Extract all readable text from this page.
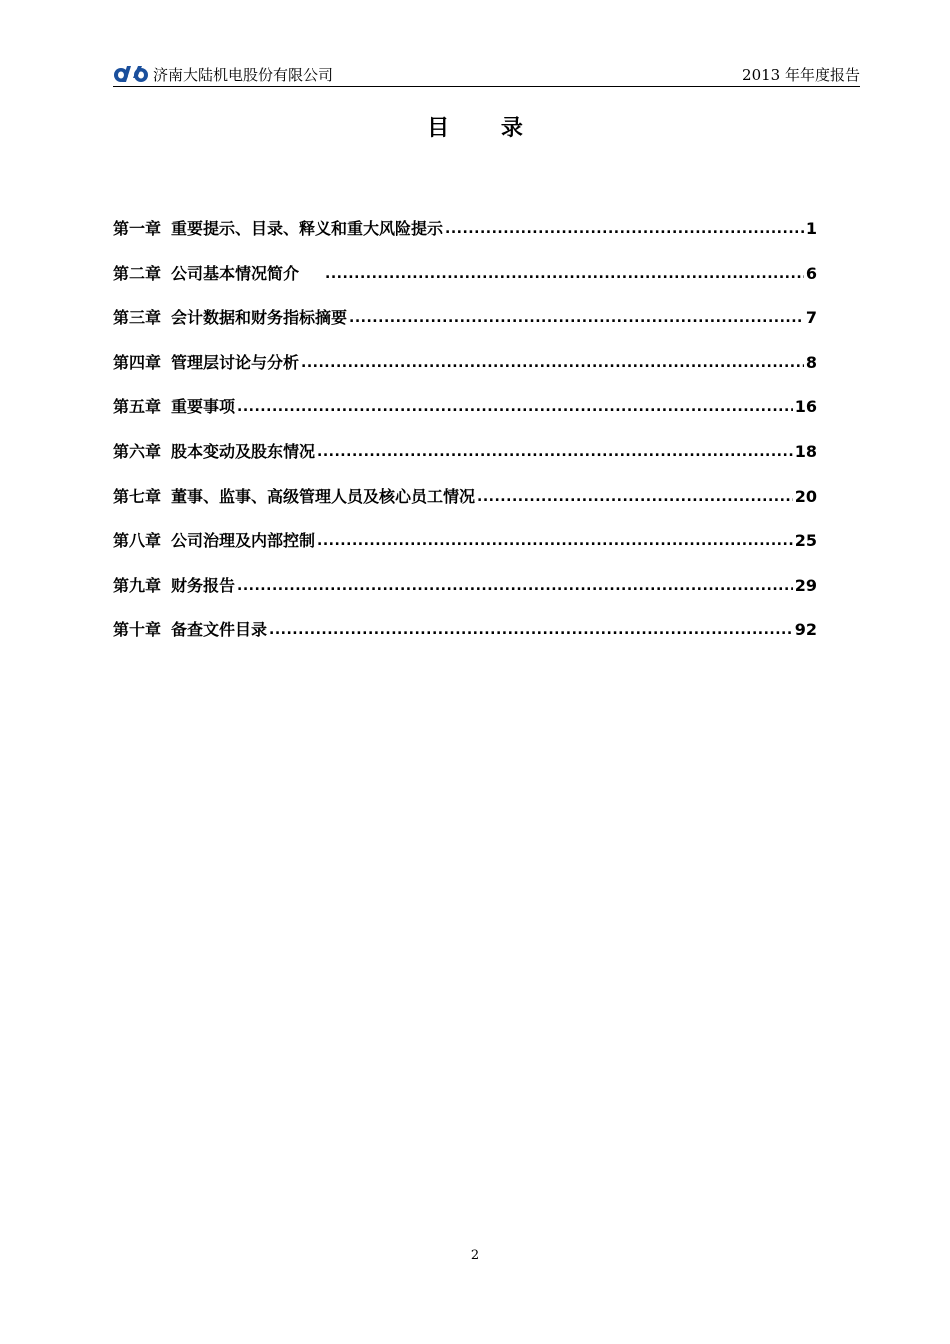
济南大陆机电股份有限公司	2013 年年度报告
目 录
第一章 重要提示、目录、释义和重大风险提示 .....	1
第二章 公司基本情况简介 .....	6
第三章 会计数据和财务指标摘要 .....	7
第四章 管理层讨论与分析 .....	8
第五章 重要事项 .....	16
第六章 股本变动及股东情况 .....	18
第七章 董事、监事、高级管理人员及核心员工情况 .....	20
第八章 公司治理及内部控制 .....	25
第九章 财务报告 .....	29
第十章 备查文件目录 .....	92
2
